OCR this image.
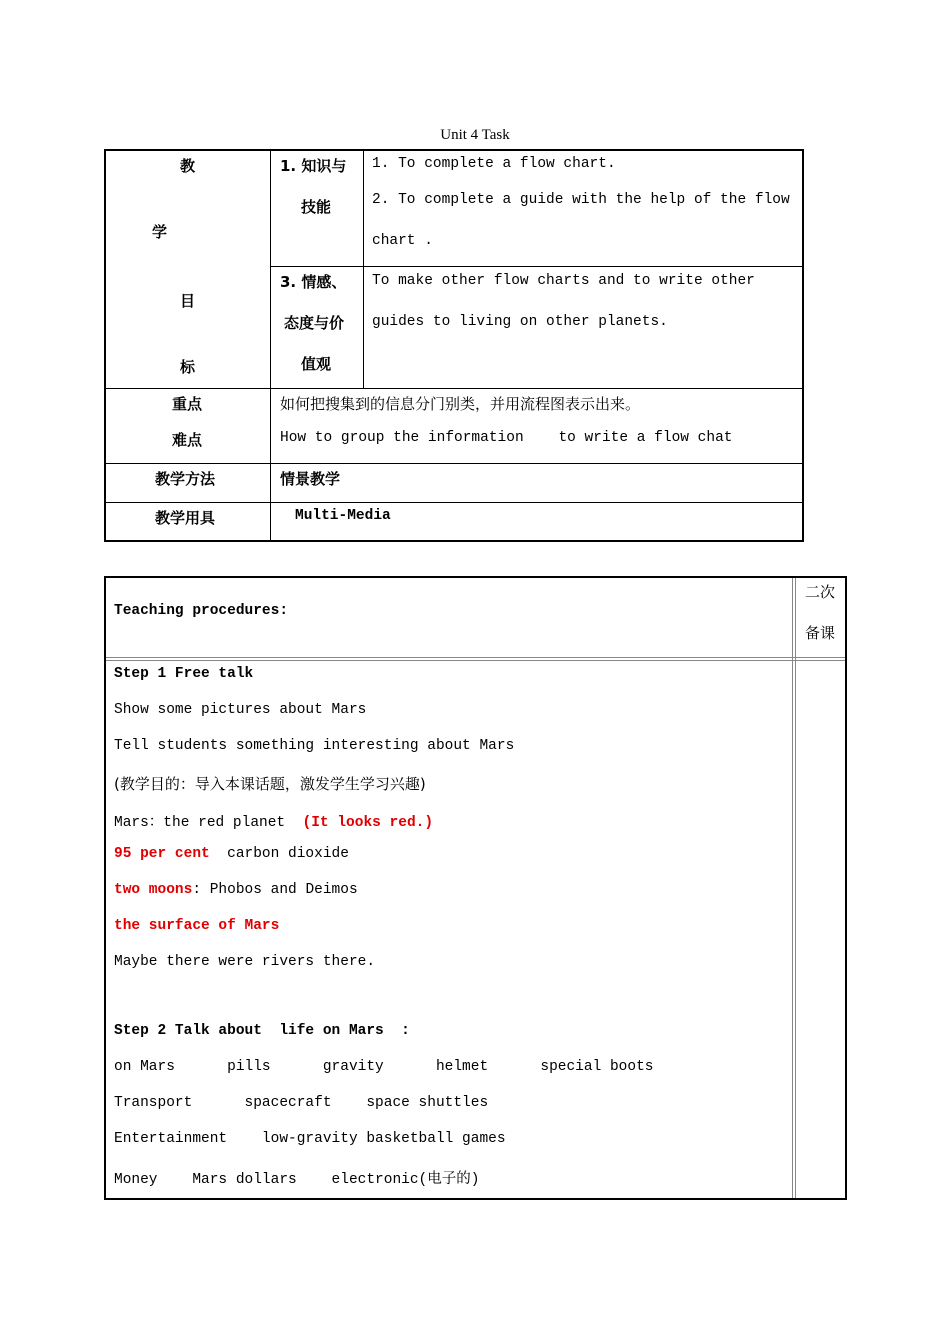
Unit 4 Task
教
学
目
标
1. 知识与
技能
1. To complete a flow chart.
2. To complete a guide with the help of the flow
chart .
3. 情感、
态度与价
值观
To make other flow charts and to write other
guides to living on other planets.
重点
难点
如何把搜集到的信息分门别类，并用流程图表示出来。
How to group the information    to write a flow chat
教学方法	情景教学
教学用具	Multi-Media
Teaching procedures:
二次
备课
Step 1 Free talk
Show some pictures about Mars
Tell students something interesting about Mars
(教学目的：导入本课话题，激发学生学习兴趣)
Mars：the red planet  (It looks red.)
95 per cent  carbon dioxide
two moons: Phobos and Deimos
the surface of Mars
Maybe there were rivers there.
Step 2 Talk about  life on Mars  :
on Mars      pills      gravity      helmet      special boots
Transport      spacecraft    space shuttles
Entertainment    low-gravity basketball games
Money    Mars dollars    electronic(电子的)
